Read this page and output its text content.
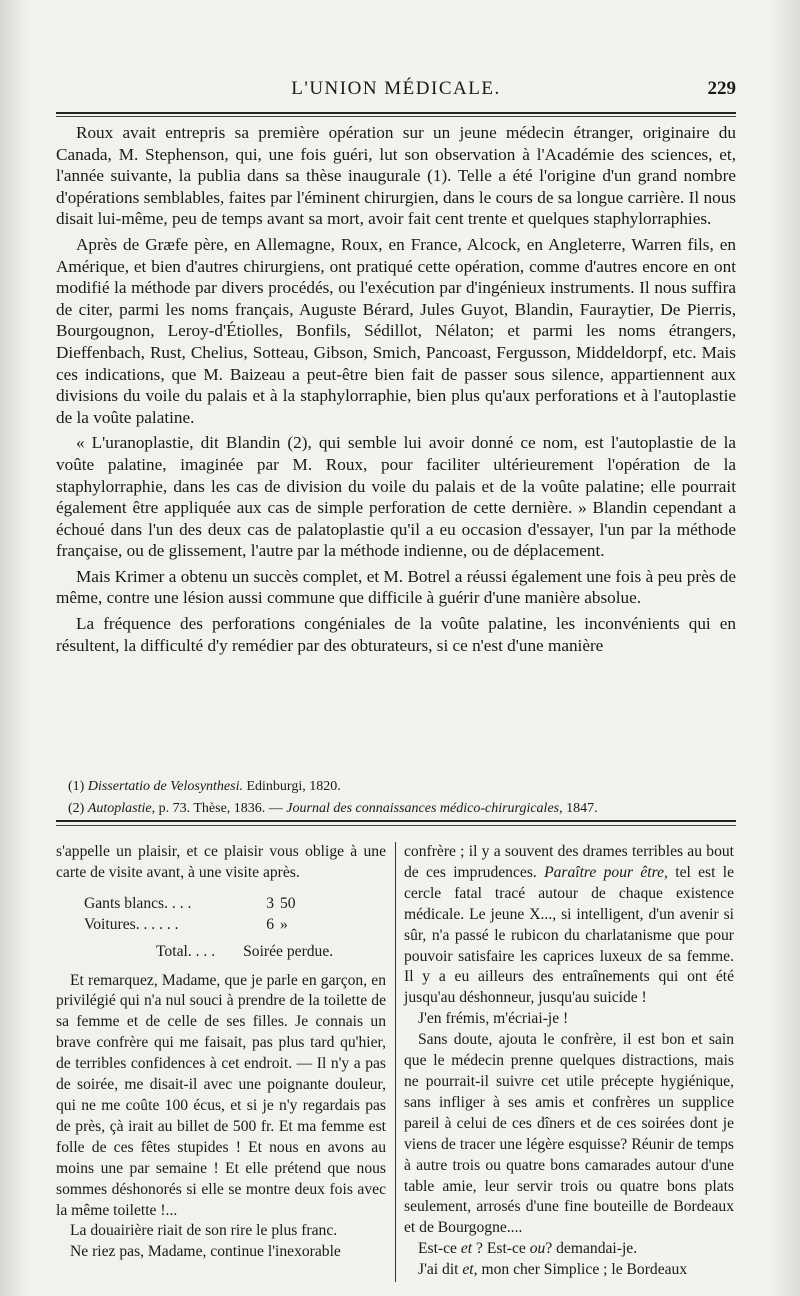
L'UNION MÉDICALE.	229

Roux avait entrepris sa première opération sur un jeune médecin étranger, originaire du Canada, M. Stephenson, qui, une fois guéri, lut son observation à l'Académie des sciences, et, l'année suivante, la publia dans sa thèse inaugurale (1). Telle a été l'origine d'un grand nombre d'opérations semblables, faites par l'éminent chirurgien, dans le cours de sa longue carrière. Il nous disait lui-même, peu de temps avant sa mort, avoir fait cent trente et quelques staphylorraphies.

Après de Græfe père, en Allemagne, Roux, en France, Alcock, en Angleterre, Warren fils, en Amérique, et bien d'autres chirurgiens, ont pratiqué cette opération, comme d'autres encore en ont modifié la méthode par divers procédés, ou l'exécution par d'ingénieux instruments. Il nous suffira de citer, parmi les noms français, Auguste Bérard, Jules Guyot, Blandin, Fauraytier, De Pierris, Bourgougnon, Leroy-d'Étiolles, Bonfils, Sédillot, Nélaton; et parmi les noms étrangers, Dieffenbach, Rust, Chelius, Sotteau, Gibson, Smich, Pancoast, Fergusson, Middeldorpf, etc. Mais ces indications, que M. Baizeau a peut-être bien fait de passer sous silence, appartiennent aux divisions du voile du palais et à la staphylorraphie, bien plus qu'aux perforations et à l'autoplastie de la voûte palatine.

« L'uranoplastie, dit Blandin (2), qui semble lui avoir donné ce nom, est l'autoplastie de la voûte palatine, imaginée par M. Roux, pour faciliter ultérieurement l'opération de la staphylorraphie, dans les cas de division du voile du palais et de la voûte palatine; elle pourrait également être appliquée aux cas de simple perforation de cette dernière. » Blandin cependant a échoué dans l'un des deux cas de palatoplastie qu'il a eu occasion d'essayer, l'un par la méthode française, ou de glissement, l'autre par la méthode indienne, ou de déplacement.

Mais Krimer a obtenu un succès complet, et M. Botrel a réussi également une fois à peu près de même, contre une lésion aussi commune que difficile à guérir d'une manière absolue.

La fréquence des perforations congéniales de la voûte palatine, les inconvénients qui en résultent, la difficulté d'y remédier par des obturateurs, si ce n'est d'une manière

(1) Dissertatio de Velosynthesi. Edinburgi, 1820.
(2) Autoplastie, p. 73. Thèse, 1836. — Journal des connaissances médico-chirurgicales, 1847.

s'appelle un plaisir, et ce plaisir vous oblige à une carte de visite avant, à une visite après.

Gants blancs. . . .	3 50
Voitures. . . . . .	6 »
Total. . . . Soirée perdue.

Et remarquez, Madame, que je parle en garçon, en privilégié qui n'a nul souci à prendre de la toilette de sa femme et de celle de ses filles. Je connais un brave confrère qui me faisait, pas plus tard qu'hier, de terribles confidences à cet endroit. — Il n'y a pas de soirée, me disait-il avec une poignante douleur, qui ne me coûte 100 écus, et si je n'y regardais pas de près, çà irait au billet de 500 fr. Et ma femme est folle de ces fêtes stupides ! Et nous en avons au moins une par semaine ! Et elle prétend que nous sommes déshonorés si elle se montre deux fois avec la même toilette !...

La douairière riait de son rire le plus franc.

Ne riez pas, Madame, continue l'inexorable

confrère ; il y a souvent des drames terribles au bout de ces imprudences. Paraître pour être, tel est le cercle fatal tracé autour de chaque existence médicale. Le jeune X..., si intelligent, d'un avenir si sûr, n'a passé le rubicon du charlatanisme que pour pouvoir satisfaire les caprices luxeux de sa femme. Il y a eu ailleurs des entraînements qui ont été jusqu'au déshonneur, jusqu'au suicide !

J'en frémis, m'écriai-je !

Sans doute, ajouta le confrère, il est bon et sain que le médecin prenne quelques distractions, mais ne pourrait-il suivre cet utile précepte hygiénique, sans infliger à ses amis et confrères un supplice pareil à celui de ces dîners et de ces soirées dont je viens de tracer une légère esquisse? Réunir de temps à autre trois ou quatre bons camarades autour d'une table amie, leur servir trois ou quatre bons plats seulement, arrosés d'une fine bouteille de Bordeaux et de Bourgogne....

Est-ce et ? Est-ce ou? demandai-je.

J'ai dit et, mon cher Simplice ; le Bordeaux
